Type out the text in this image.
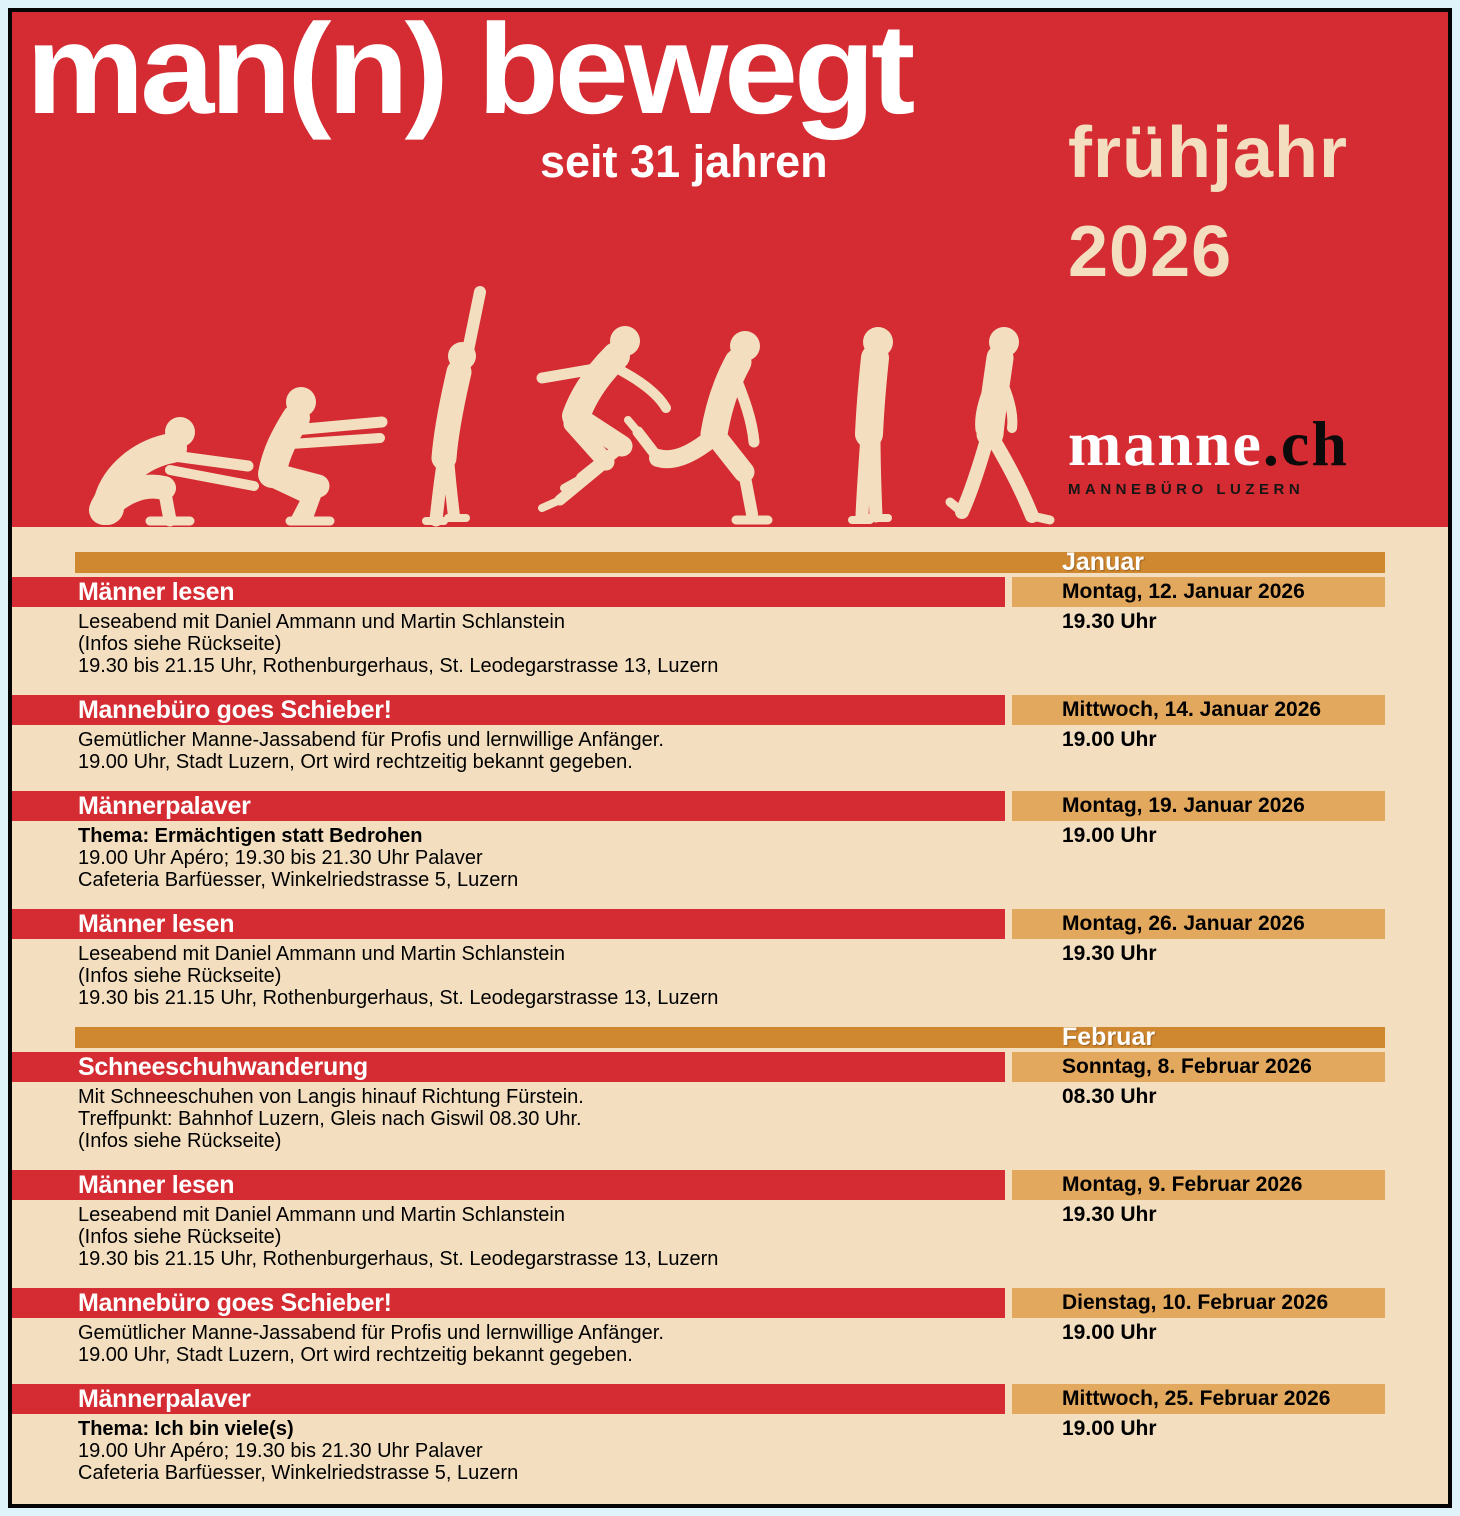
man(n) bewegt
seit 31 jahren	frühjahr
2026
manne.ch
MANNEBÜRO LUZERN
Januar
Männer lesen
Leseabend mit Daniel Ammann und Martin Schlanstein
(Infos siehe Rückseite)
19.30 bis 21.15 Uhr, Rothenburgerhaus, St. Leodegarstrasse 13, Luzern
Montag, 12. Januar 2026
19.30 Uhr
Mannebüro goes Schieber!
Gemütlicher Manne-Jassabend für Profis und lernwillige Anfänger.
19.00 Uhr, Stadt Luzern, Ort wird rechtzeitig bekannt gegeben.
Mittwoch, 14. Januar 2026
19.00 Uhr
Männerpalaver
Thema: Ermächtigen statt Bedrohen
19.00 Uhr Apéro; 19.30 bis 21.30 Uhr Palaver
Cafeteria Barfüesser, Winkelriedstrasse 5, Luzern
Montag, 19. Januar 2026
19.00 Uhr
Männer lesen
Leseabend mit Daniel Ammann und Martin Schlanstein
(Infos siehe Rückseite)
19.30 bis 21.15 Uhr, Rothenburgerhaus, St. Leodegarstrasse 13, Luzern
Montag, 26. Januar 2026
19.30 Uhr
Februar
Schneeschuhwanderung
Mit Schneeschuhen von Langis hinauf Richtung Fürstein.
Treffpunkt: Bahnhof Luzern, Gleis nach Giswil 08.30 Uhr.
(Infos siehe Rückseite)
Sonntag, 8. Februar 2026
08.30 Uhr
Männer lesen
Leseabend mit Daniel Ammann und Martin Schlanstein
(Infos siehe Rückseite)
19.30 bis 21.15 Uhr, Rothenburgerhaus, St. Leodegarstrasse 13, Luzern
Montag, 9. Februar 2026
19.30 Uhr
Mannebüro goes Schieber!
Gemütlicher Manne-Jassabend für Profis und lernwillige Anfänger.
19.00 Uhr, Stadt Luzern, Ort wird rechtzeitig bekannt gegeben.
Dienstag, 10. Februar 2026
19.00 Uhr
Männerpalaver
Thema: Ich bin viele(s)
19.00 Uhr Apéro; 19.30 bis 21.30 Uhr Palaver
Cafeteria Barfüesser, Winkelriedstrasse 5, Luzern
Mittwoch, 25. Februar 2026
19.00 Uhr
